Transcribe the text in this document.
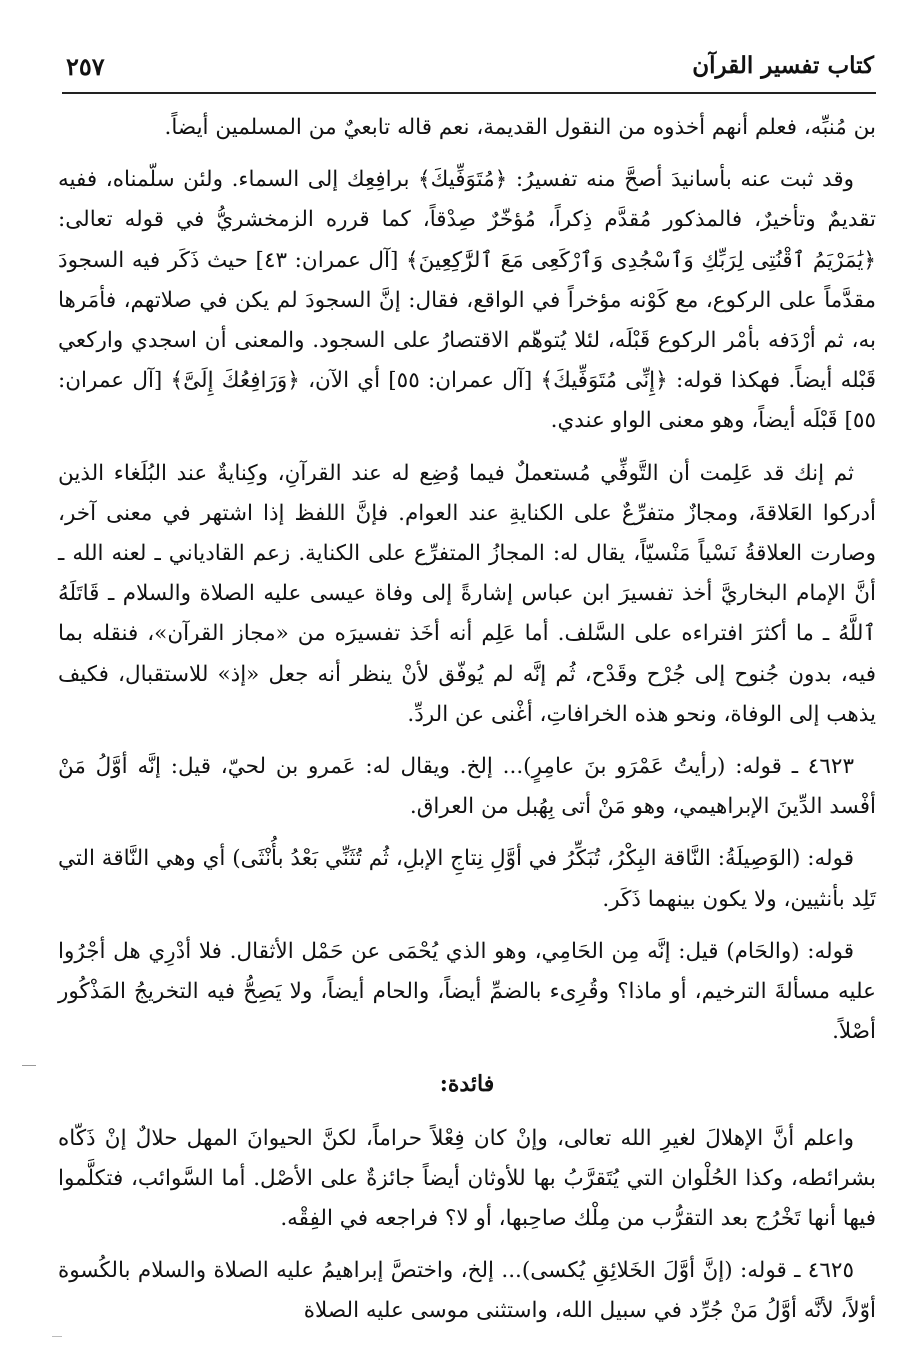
كتاب تفسير القرآن
٢٥٧

بن مُنبِّه، فعلم أنهم أخذوه من النقول القديمة، نعم قاله تابعيٌ من المسلمين أيضاً.

وقد ثبت عنه بأسانيدَ أصحَّ منه تفسيرُ: ﴿مُتَوَفِّيكَ﴾ برافِعِك إلى السماء. ولئن سلّمناه، ففيه تقديمٌ وتأخيرٌ، فالمذكور مُقدَّم ذِكراً، مُؤخّرٌ صِدْقاً، كما قرره الزمخشريُّ في قوله تعالى: ﴿يَٰمَرْيَمُ ٱقْنُتِى لِرَبِّكِ وَٱسْجُدِى وَٱرْكَعِى مَعَ ٱلرَّٰكِعِينَ﴾ [آل عمران: ٤٣] حيث ذَكَر فيه السجودَ مقدَّماً على الركوع، مع كَوْنه مؤخراً في الواقع، فقال: إنَّ السجودَ لم يكن في صلاتهم، فأمَرها به، ثم أرْدَفه بأمْر الركوع قَبْلَه، لئلا يُتوهّم الاقتصارُ على السجود. والمعنى أن اسجدي واركعي قَبْله أيضاً. فهكذا قوله: ﴿إِنِّى مُتَوَفِّيكَ﴾ [آل عمران: ٥٥] أي الآن، ﴿وَرَافِعُكَ إِلَىَّ﴾ [آل عمران: ٥٥] قَبْلَه أيضاً، وهو معنى الواو عندي.

ثم إنك قد عَلِمت أن التَّوفِّي مُستعملٌ فيما وُضِع له عند القرآنِ، وكِنايةٌ عند البُلَغاء الذين أدركوا العَلاقةَ، ومجازٌ متفرِّعٌ على الكنايةِ عند العوام. فإنَّ اللفظ إذا اشتهر في معنى آخر، وصارت العلاقةُ نَسْياً مَنْسيّاً، يقال له: المجازُ المتفرِّع على الكناية. زعم القادياني ـ لعنه الله ـ أنَّ الإمام البخاريَّ أخذ تفسيرَ ابن عباس إشارةً إلى وفاة عيسى عليه الصلاة والسلام ـ قَاتَلَهُ ٱللَّهُ ـ ما أكثرَ افتراءه على السَّلف. أما عَلِم أنه أخَذ تفسيرَه من «مجاز القرآن»، فنقله بما فيه، بدون جُنوح إلى جُرْح وقَدْح، ثُم إنَّه لم يُوفّق لأنْ ينظر أنه جعل «إذ» للاستقبال، فكيف يذهب إلى الوفاة، ونحو هذه الخرافاتِ، أغْنى عن الردِّ.

٤٦٢٣ ـ قوله: (رأيتُ عَمْرَو بنَ عامِرٍ)... إلخ. ويقال له: عَمرو بن لحيّ، قيل: إنَّه أوَّلُ مَنْ أفْسد الدِّينَ الإبراهيمي، وهو مَنْ أتى بِهُبل من العراق.

قوله: (الوَصِيلَةُ: النَّاقة البِكْرُ، تُبَكِّرُ في أوَّلِ نِتاجِ الإبلِ، ثُم تُثَنِّي بَعْدُ بأُنْثَى) أي وهي النَّاقة التي تَلِد بأنثيين، ولا يكون بينهما ذَكَر.

قوله: (والحَام) قيل: إنَّه مِن الحَامِي، وهو الذي يُحْمَى عن حَمْل الأثقال. فلا أدْرِي هل أجْرُوا عليه مسألةَ الترخيم، أو ماذا؟ وقُرِىء بالضمِّ أيضاً، والحام أيضاً، ولا يَصِحُّ فيه التخريجُ المَذْكُور أصْلاً.

فائدة:

واعلم أنَّ الإهلالَ لغيرِ الله تعالى، وإنْ كان فِعْلاً حراماً، لكنَّ الحيوانَ المهل حلالٌ إنْ ذَكّاه بشرائطه، وكذا الحُلْوان التي يُتَقرَّبُ بها للأوثان أيضاً جائزةٌ على الأصْل. أما السَّوائب، فتكلَّموا فيها أنها تَخْرُج بعد التقرُّب من مِلْك صاحِبها، أو لا؟ فراجعه في الفِقْه.

٤٦٢٥ ـ قوله: (إنَّ أوَّلَ الخَلائِقِ يُكسى)... إلخ، واختصَّ إبراهيمُ عليه الصلاة والسلام بالكُسوة أوّلاً، لأنَّه أوَّلُ مَنْ جُرِّد في سبيل الله، واستثنى موسى عليه الصلاة
